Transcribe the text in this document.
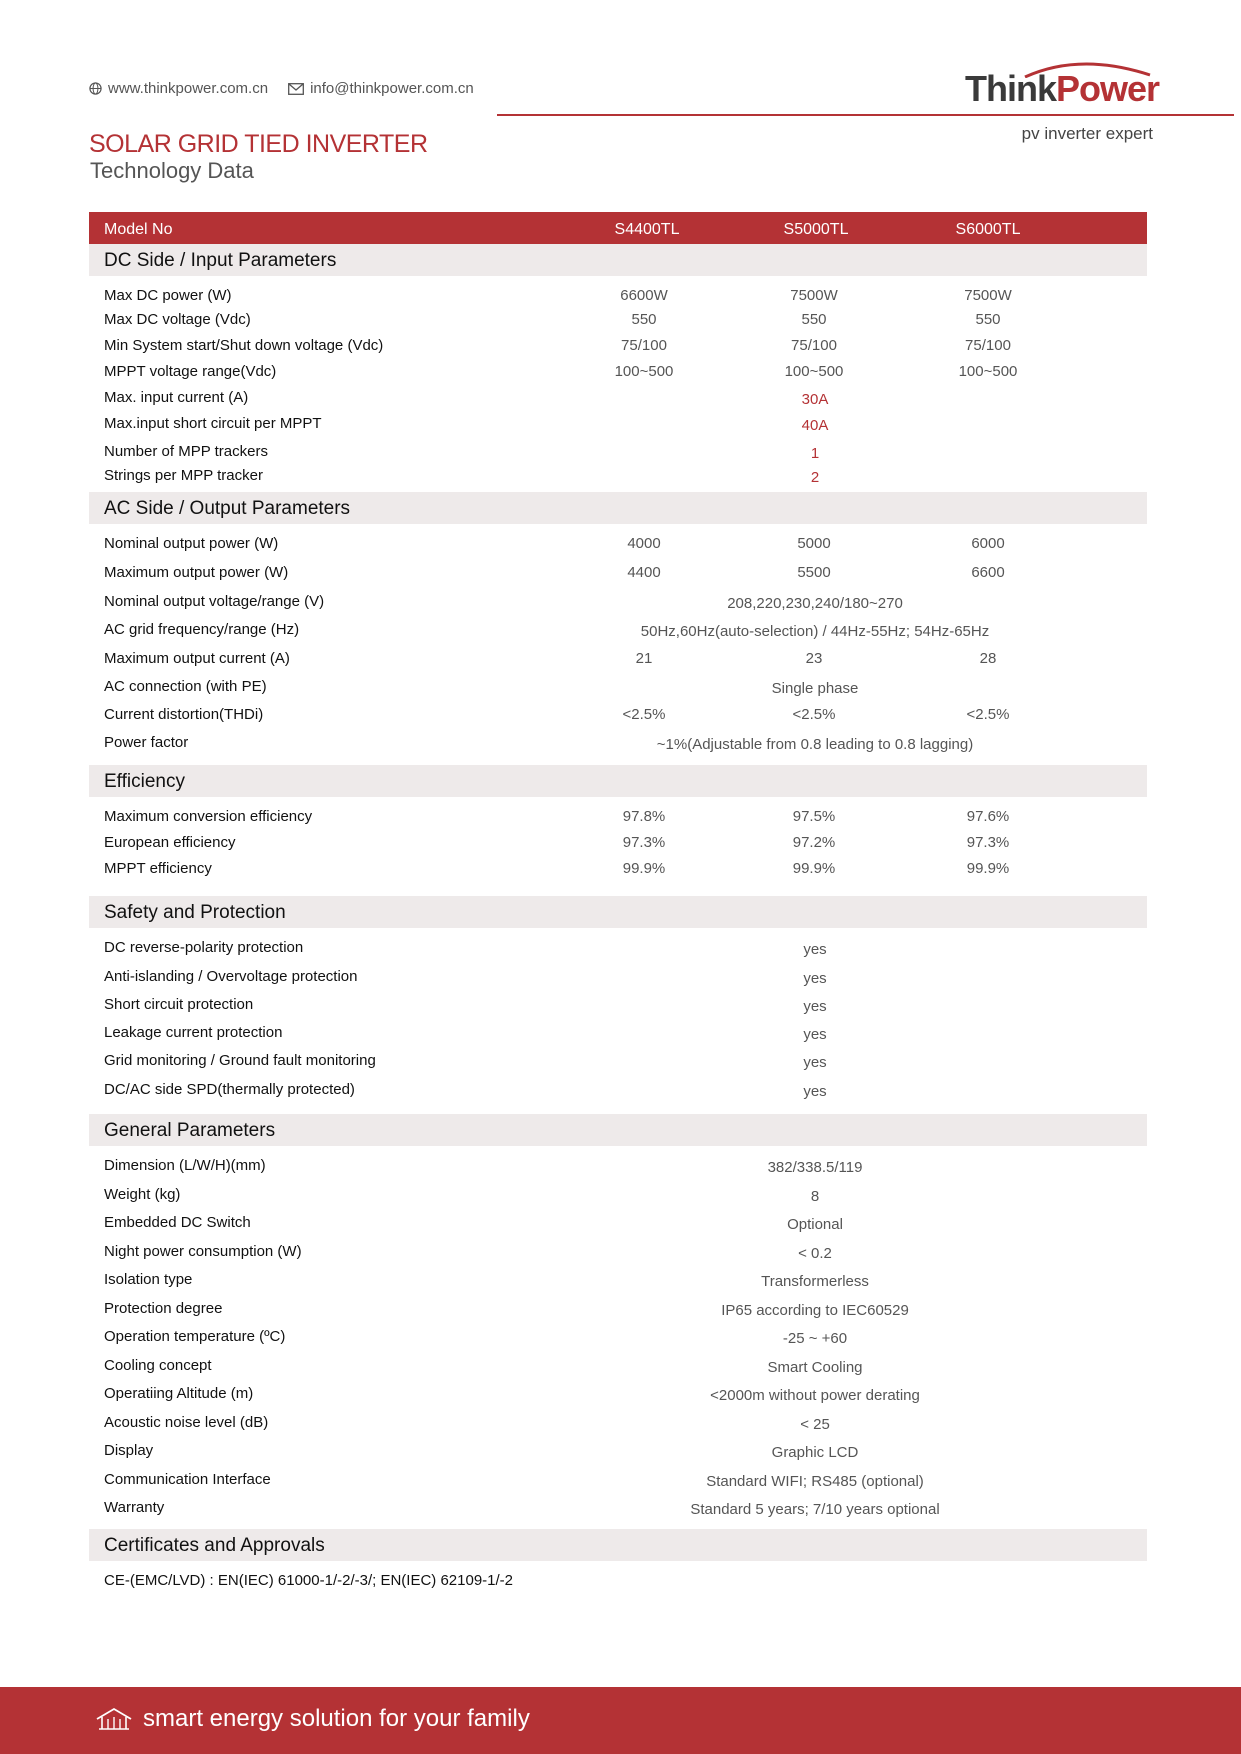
www.thinkpower.com.cn	info@thinkpower.com.cn	ThinkPower
pv inverter expert
SOLAR GRID TIED INVERTER
Technology Data
Model No	S4400TL	S5000TL	S6000TL
DC Side / Input Parameters
Max DC power (W)	6600W	7500W	7500W
Max DC voltage (Vdc)	550	550	550
Min System start/Shut down voltage (Vdc)	75/100	75/100	75/100
MPPT voltage range(Vdc)	100~500	100~500	100~500
Max. input current (A)	30A
Max.input short circuit per MPPT	40A
Number of MPP trackers	1
Strings per MPP tracker	2
AC Side / Output Parameters
Nominal output power (W)	4000	5000	6000
Maximum output power (W)	4400	5500	6600
Nominal output voltage/range (V)	208,220,230,240/180~270
AC grid frequency/range (Hz)	50Hz,60Hz(auto-selection) / 44Hz-55Hz; 54Hz-65Hz
Maximum output current (A)	21	23	28
AC connection (with PE)	Single phase
Current distortion(THDi)	<2.5%	<2.5%	<2.5%
Power factor	~1%(Adjustable from 0.8 leading to 0.8 lagging)
Efficiency
Maximum conversion efficiency	97.8%	97.5%	97.6%
European efficiency	97.3%	97.2%	97.3%
MPPT efficiency	99.9%	99.9%	99.9%
Safety and Protection
DC reverse-polarity protection	yes
Anti-islanding / Overvoltage protection	yes
Short circuit protection	yes
Leakage current protection	yes
Grid monitoring / Ground fault monitoring	yes
DC/AC side SPD(thermally protected)	yes
General Parameters
Dimension (L/W/H)(mm)	382/338.5/119
Weight (kg)	8
Embedded DC Switch	Optional
Night power consumption (W)	< 0.2
Isolation type	Transformerless
Protection degree	IP65 according to IEC60529
Operation temperature (ºC)	-25 ~ +60
Cooling concept	Smart Cooling
Operatiing Altitude (m)	<2000m without power derating
Acoustic noise level (dB)	< 25
Display	Graphic LCD
Communication Interface	Standard WIFI; RS485 (optional)
Warranty	Standard 5 years; 7/10 years optional
Certificates and Approvals
CE-(EMC/LVD) : EN(IEC) 61000-1/-2/-3/; EN(IEC) 62109-1/-2
smart energy solution for your family
